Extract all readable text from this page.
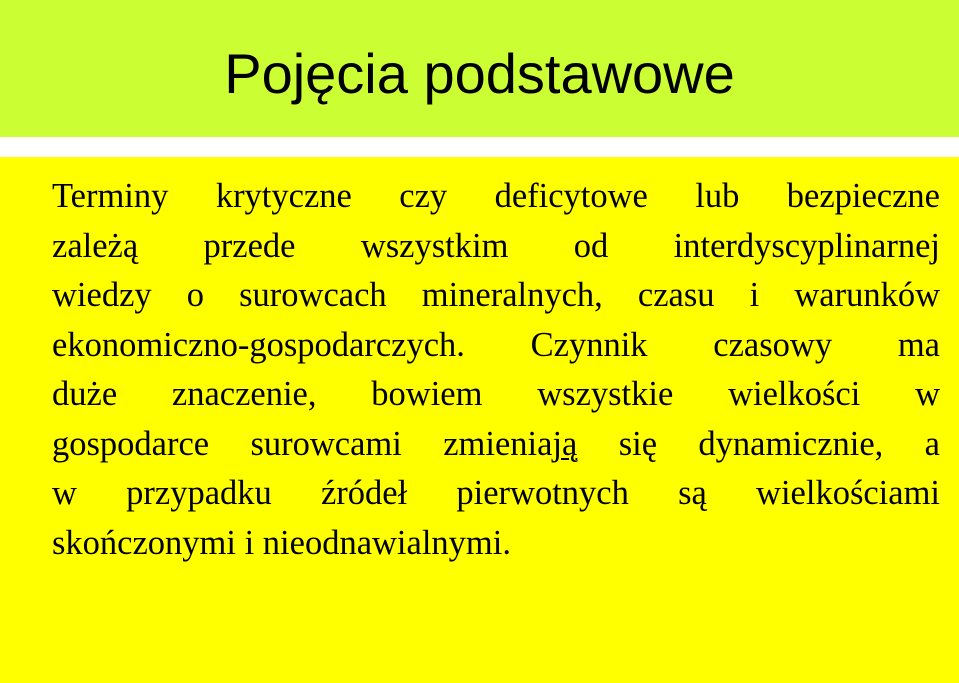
Pojęcia podstawowe
Terminy krytyczne czy deficytowe lub bezpieczne
zależą przede wszystkim od interdyscyplinarnej
wiedzy o surowcach mineralnych, czasu i warunków
ekonomiczno-gospodarczych. Czynnik czasowy ma
duże znaczenie, bowiem wszystkie wielkości w
gospodarce surowcami zmieniają się dynamicznie, a
w przypadku źródeł pierwotnych są wielkościami
skończonymi i nieodnawialnymi.
